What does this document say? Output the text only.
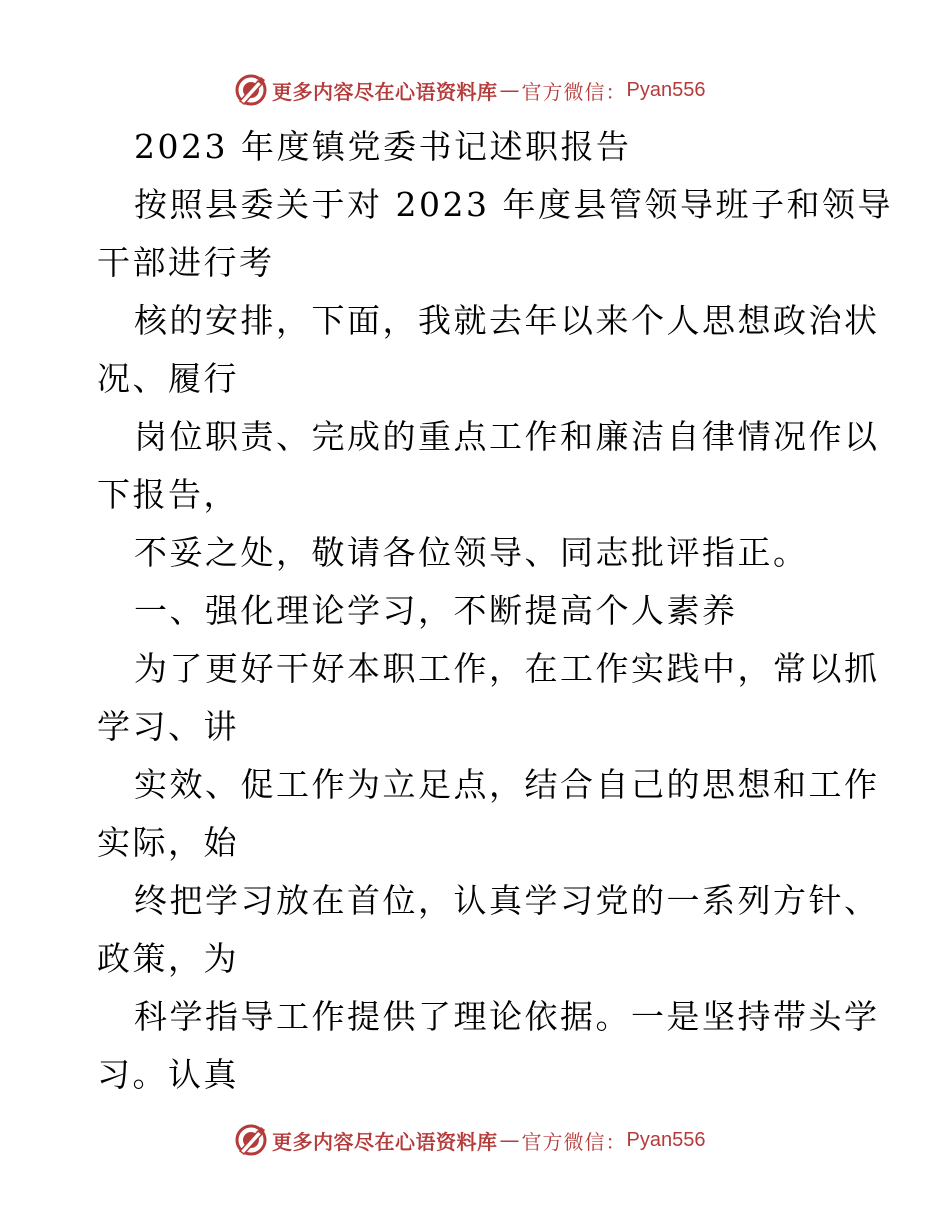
更多内容尽在心语资料库 — 官方微信： Pyan556
2023 年度镇党委书记述职报告
按照县委关于对 2023 年度县管领导班子和领导
干部进行考
核的安排，下面，我就去年以来个人思想政治状
况、履行
岗位职责、完成的重点工作和廉洁自律情况作以
下报告，
不妥之处，敬请各位领导、同志批评指正。
一、强化理论学习，不断提高个人素养
为了更好干好本职工作，在工作实践中，常以抓
学习、讲
实效、促工作为立足点，结合自己的思想和工作
实际，始
终把学习放在首位，认真学习党的一系列方针、
政策，为
科学指导工作提供了理论依据。一是坚持带头学
习。认真
更多内容尽在心语资料库 — 官方微信： Pyan556
